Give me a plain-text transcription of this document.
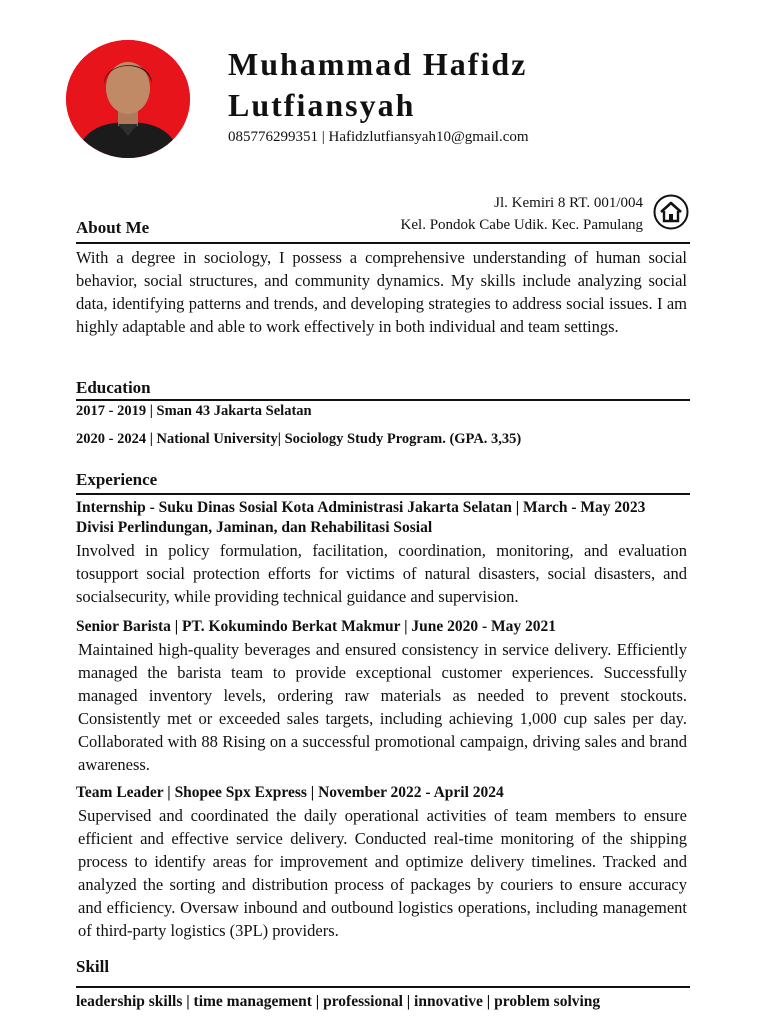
Muhammad Hafidz
Lutfiansyah
085776299351 | Hafidzlutfiansyah10@gmail.com
Jl. Kemiri 8 RT. 001/004
Kel. Pondok Cabe Udik. Kec. Pamulang
About Me
With a degree in sociology, I possess a comprehensive understanding of human social behavior, social structures, and community dynamics. My skills include analyzing social data, identifying patterns and trends, and developing strategies to address social issues. I am highly adaptable and able to work effectively in both individual and team settings.
Education
2017 - 2019 | Sman 43 Jakarta Selatan
2020 - 2024 | National University| Sociology Study Program. (GPA. 3,35)
Experience
Internship - Suku Dinas Sosial Kota Administrasi Jakarta Selatan | March - May 2023
Divisi Perlindungan, Jaminan, dan Rehabilitasi Sosial
Involved in policy formulation, facilitation, coordination, monitoring, and evaluation tosupport social protection efforts for victims of natural disasters, social disasters, and socialsecurity, while providing technical guidance and supervision.
Senior Barista | PT. Kokumindo Berkat Makmur | June 2020 - May 2021
Maintained high-quality beverages and ensured consistency in service delivery. Efficiently managed the barista team to provide exceptional customer experiences. Successfully managed inventory levels, ordering raw materials as needed to prevent stockouts. Consistently met or exceeded sales targets, including achieving 1,000 cup sales per day. Collaborated with 88 Rising on a successful promotional campaign, driving sales and brand awareness.
Team Leader | Shopee Spx Express | November 2022 - April 2024
Supervised and coordinated the daily operational activities of team members to ensure efficient and effective service delivery. Conducted real-time monitoring of the shipping process to identify areas for improvement and optimize delivery timelines. Tracked and analyzed the sorting and distribution process of packages by couriers to ensure accuracy and efficiency. Oversaw inbound and outbound logistics operations, including management of third-party logistics (3PL) providers.
Skill
leadership skills | time management | professional | innovative | problem solving
